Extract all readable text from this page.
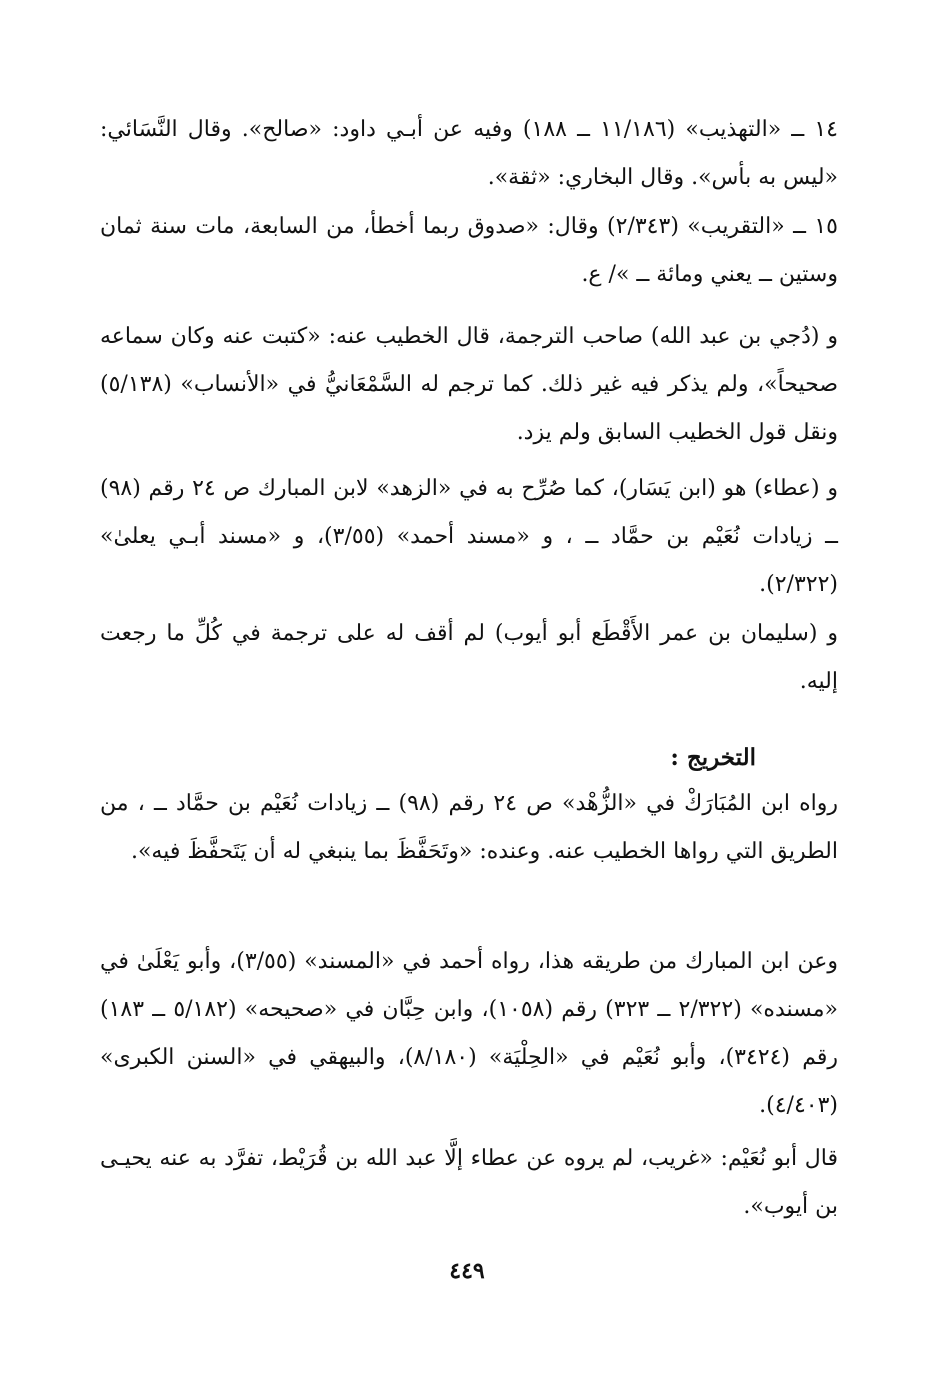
١٤ ــ «التهذيب» (١١/١٨٦ ــ ١٨٨) وفيه عن أبـي داود: «صالح». وقال النَّسَائي: «ليس به بأس». وقال البخاري: «ثقة».

١٥ ــ «التقريب» (٢/٣٤٣) وقال: «صدوق ربما أخطأ، من السابعة، مات سنة ثمان وستين ــ يعني ومائة ــ »/ ع.

و (دُجي بن عبد الله) صاحب الترجمة، قال الخطيب عنه: «كتبت عنه وكان سماعه صحيحاً»، ولم يذكر فيه غير ذلك. كما ترجم له السَّمْعَانيُّ في «الأنساب» (٥/١٣٨) ونقل قول الخطيب السابق ولم يزد.

و (عطاء) هو (ابن يَسَار)، كما صُرِّح به في «الزهد» لابن المبارك ص ٢٤ رقم (٩٨) ــ زيادات نُعَيْم بن حمَّاد ــ ، و «مسند أحمد» (٣/٥٥)، و «مسند أبـي يعلىٰ» (٢/٣٢٢).

و (سليمان بن عمر الأَقْطَع أبو أيوب) لم أقف له على ترجمة في كُلِّ ما رجعت إليه.

التخريج :

رواه ابن المُبَارَكْ في «الزُّهْد» ص ٢٤ رقم (٩٨) ــ زيادات نُعَيْم بن حمَّاد ــ ، من الطريق التي رواها الخطيب عنه. وعنده: «وتَحَفَّظَ بما ينبغي له أن يَتَحفَّظَ فيه».

وعن ابن المبارك من طريقه هذا، رواه أحمد في «المسند» (٣/٥٥)، وأبو يَعْلَىٰ في «مسنده» (٢/٣٢٢ ــ ٣٢٣) رقم (١٠٥٨)، وابن حِبَّان في «صحيحه» (٥/١٨٢ ــ ١٨٣) رقم (٣٤٢٤)، وأبو نُعَيْم في «الحِلْيَة» (٨/١٨٠)، والبيهقي في «السنن الكبرى» (٤/٤٠٣).

قال أبو نُعَيْم: «غريب، لم يروه عن عطاء إلَّا عبد الله بن قُرَيْط، تفرَّد به عنه يحيـى بن أيوب».

٤٤٩
